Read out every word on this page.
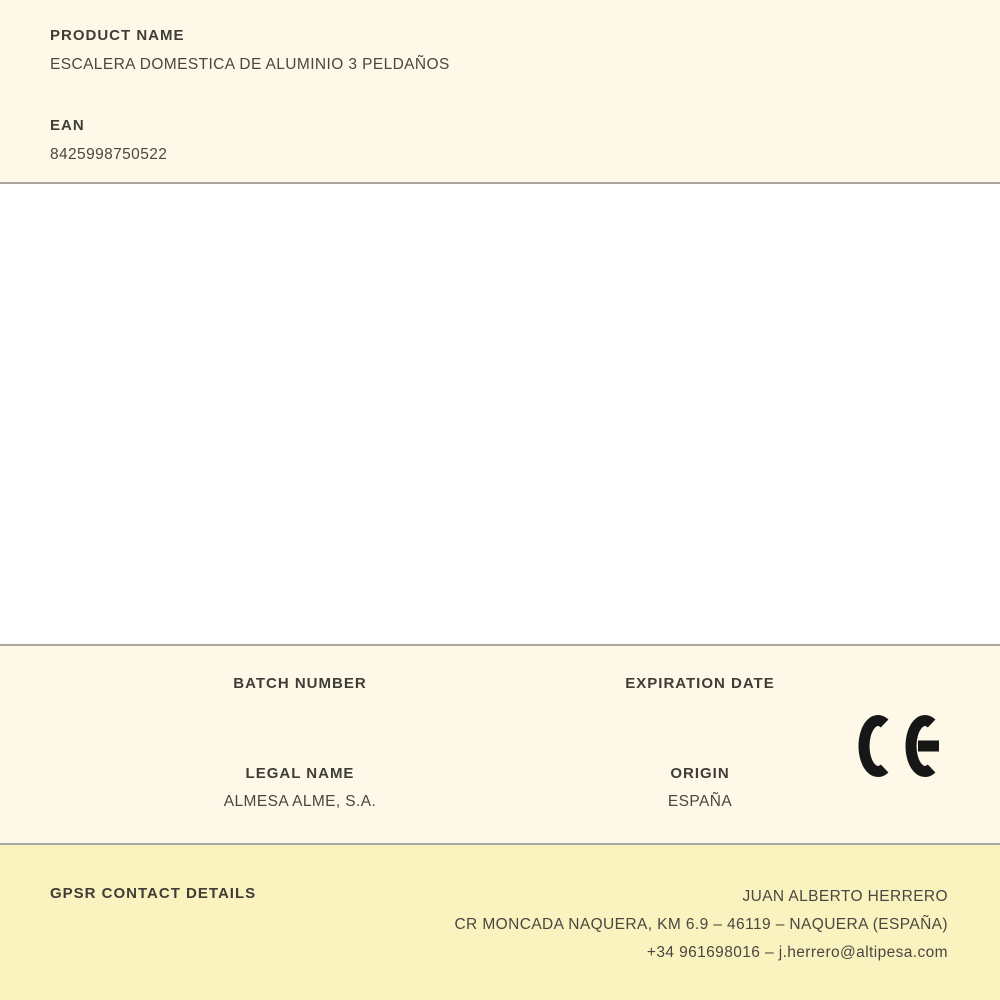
PRODUCT NAME
ESCALERA DOMESTICA DE ALUMINIO 3 PELDAÑOS
EAN
8425998750522
BATCH NUMBER	EXPIRATION DATE
LEGAL NAME
ALMESA ALME, S.A.
ORIGIN
ESPAÑA
GPSR CONTACT DETAILS	JUAN ALBERTO HERRERO
CR MONCADA NAQUERA, KM 6.9 – 46119 – NAQUERA (ESPAÑA)
+34 961698016 – j.herrero@altipesa.com
